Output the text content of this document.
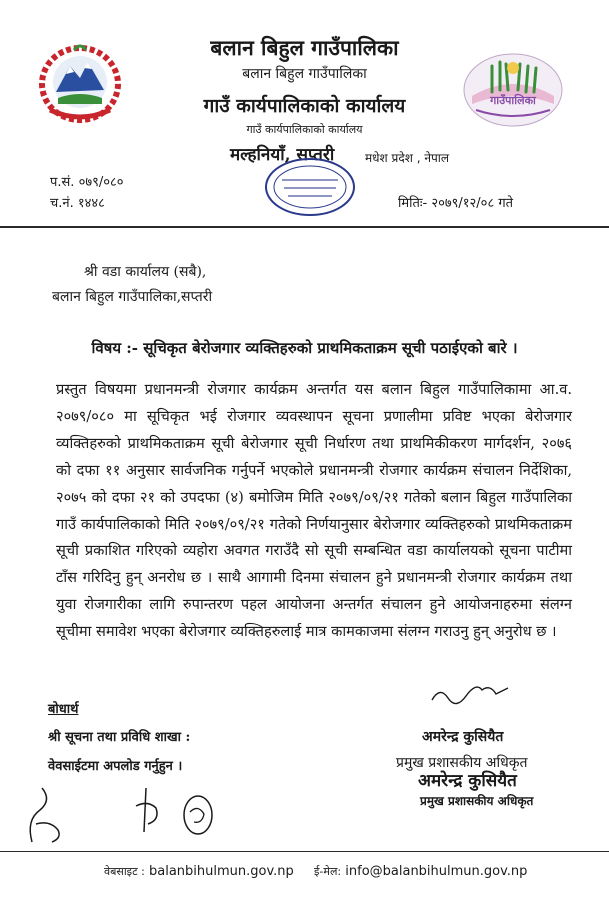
गाउँपालिका
बलान बिहुल गाउँपालिका
बलान बिहुल गाउँपालिका
गाउँ कार्यपालिकाको कार्यालय
गाउँ कार्यपालिकाको कार्यालय
मल्हनियाँ, सप्तरी	मधेश प्रदेश , नेपाल
प.सं. ०७९/०८०
च.नं. १४४८	मितिः- २०७९/१२/०८ गते
श्री वडा कार्यालय (सबै),
बलान बिहुल गाउँपालिका,सप्तरी
विषय :- सूचिकृत बेरोजगार व्यक्तिहरुको प्राथमिकताक्रम सूची पठाईएको बारे ।
प्रस्तुत विषयमा प्रधानमन्त्री रोजगार कार्यक्रम अन्तर्गत यस बलान बिहुल गाउँपालिकामा आ.व. २०७९/०८० मा सूचिकृत भई रोजगार व्यवस्थापन सूचना प्रणालीमा प्रविष्ट भएका बेरोजगार व्यक्तिहरुको प्राथमिकताक्रम सूची बेरोजगार सूची निर्धारण तथा प्राथमिकीकरण मार्गदर्शन, २०७६ को दफा ११ अनुसार सार्वजनिक गर्नुपर्ने भएकोले प्रधानमन्त्री रोजगार कार्यक्रम संचालन निर्देशिका, २०७५ को दफा २१ को उपदफा (४) बमोजिम मिति २०७९/०९/२१ गतेको बलान बिहुल गाउँपालिका गाउँ कार्यपालिकाको मिति २०७९/०९/२१ गतेको निर्णयानुसार बेरोजगार व्यक्तिहरुको प्राथमिकताक्रम सूची प्रकाशित गरिएको व्यहोरा अवगत गराउँदै सो सूची सम्बन्धित वडा कार्यालयको सूचना पाटीमा टाँस गरिदिनु हुन् अनरोध छ । साथै आगामी दिनमा संचालन हुने प्रधानमन्त्री रोजगार कार्यक्रम तथा युवा रोजगारीका लागि रुपान्तरण पहल आयोजना अन्तर्गत संचालन हुने आयोजनाहरुमा संलग्न सूचीमा समावेश भएका बेरोजगार व्यक्तिहरुलाई मात्र कामकाजमा संलग्न गराउनु हुन् अनुरोध छ ।
बोधार्थ
श्री सूचना तथा प्रविधि शाखा :
वेवसाईटमा अपलोड गर्नुहुन ।
अमरेन्द्र कुसियैत
प्रमुख प्रशासकीय अधिकृत
अमरेन्द्र कुसियैत
प्रमुख प्रशासकीय अधिकृत
वेबसाइट : balanbihulmun.gov.np ई-मेल: info@balanbihulmun.gov.np
